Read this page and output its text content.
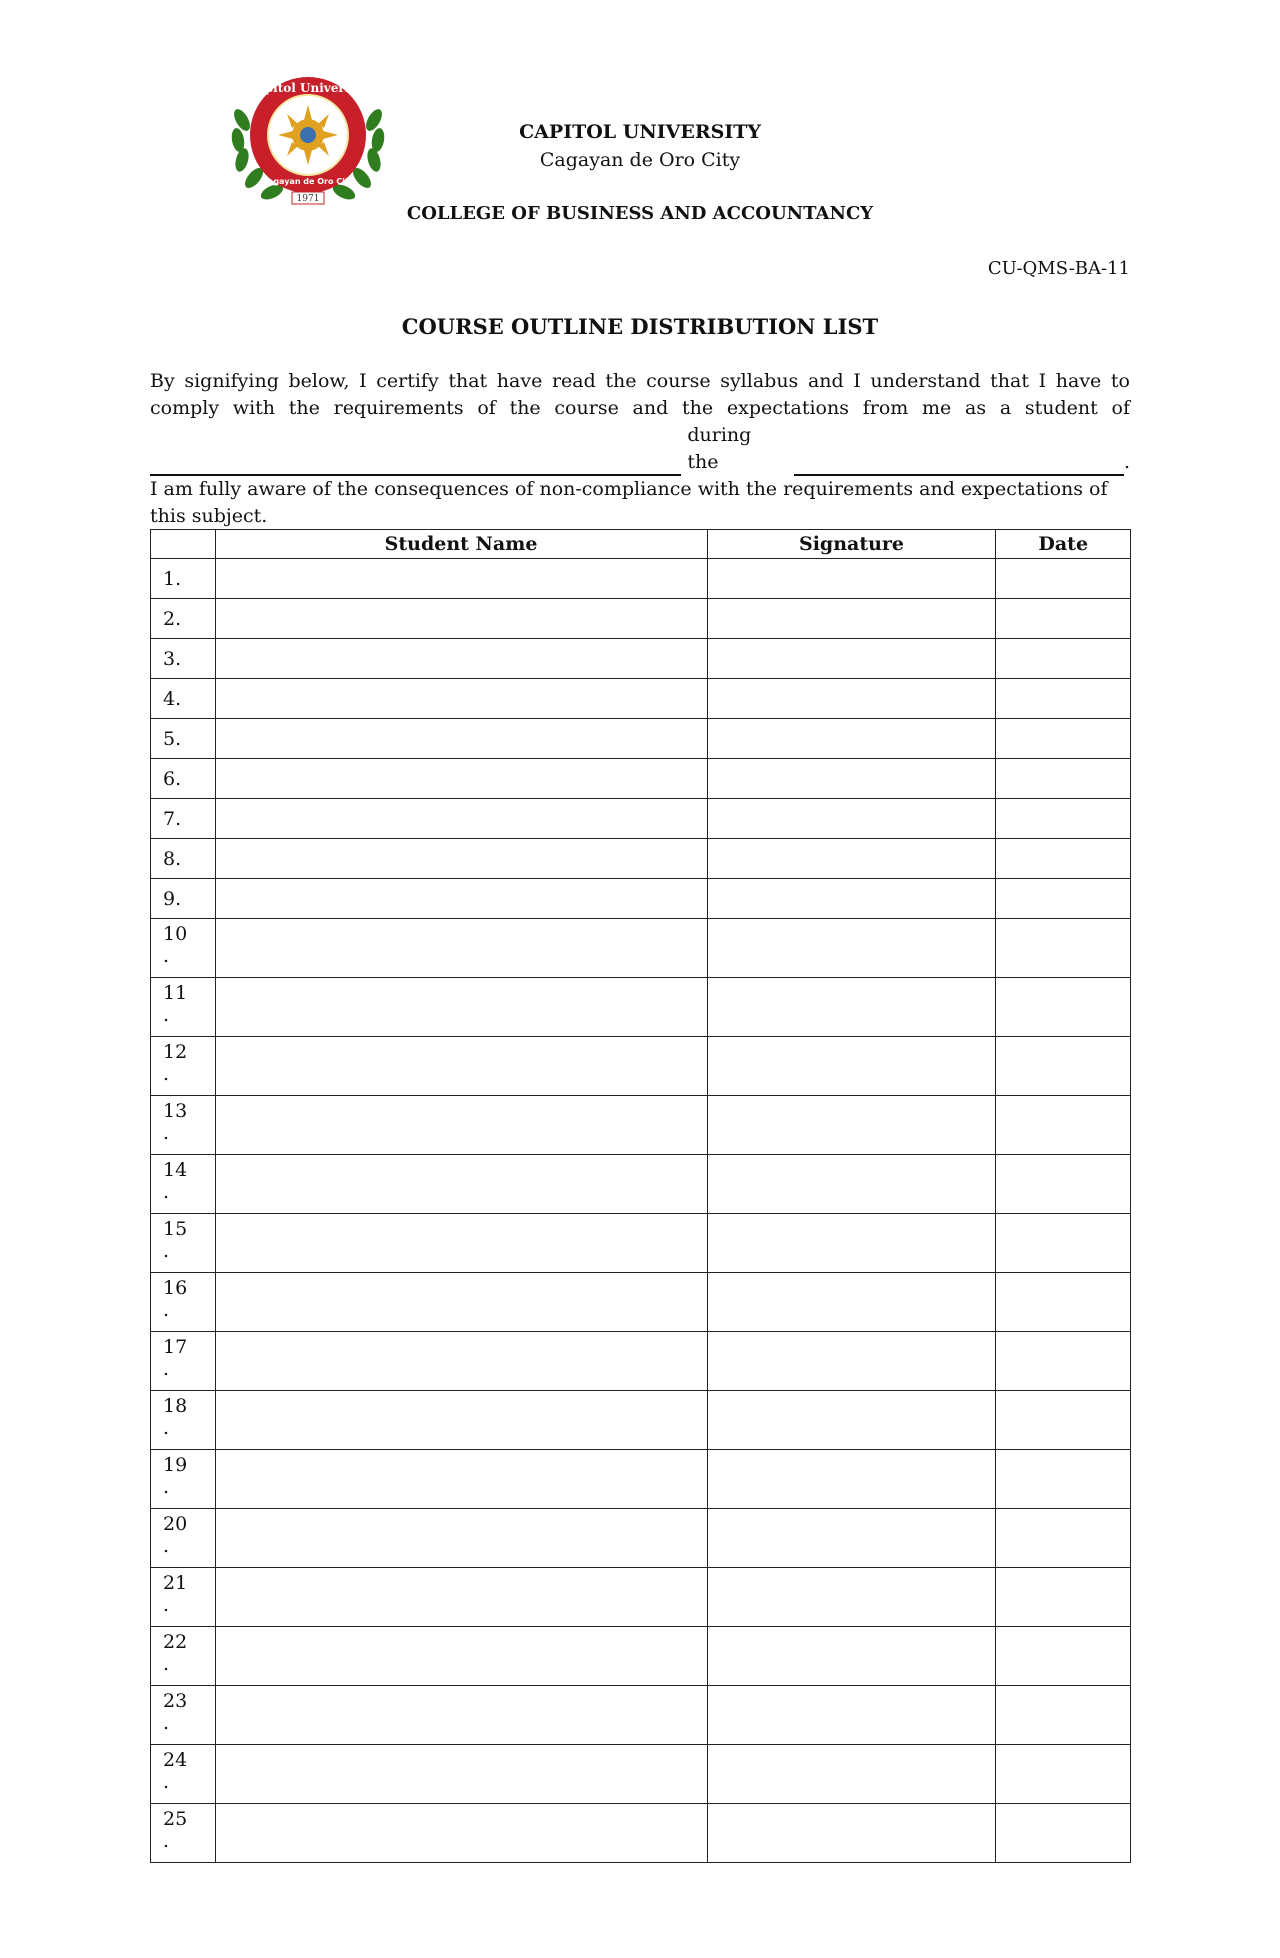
Capitol University
Cagayan de Oro City
1971
CAPITOL UNIVERSITY
Cagayan de Oro City
COLLEGE OF BUSINESS AND ACCOUNTANCY
CU-QMS-BA-11
COURSE OUTLINE DISTRIBUTION LIST
By signifying below, I certify that have read the course syllabus and I understand that I have to
comply with the requirements of the course and the expectations from me as a student of
during the	.
I am fully aware of the consequences of non-compliance with the requirements and expectations of this subject.
	Student Name	Signature	Date
1.			
2.			
3.			
4.			
5.			
6.			
7.			
8.			
9.			
10
.			
11
.			
12
.			
13
.			
14
.			
15
.			
16
.			
17
.			
18
.			
19
.			
20
.			
21
.			
22
.			
23
.			
24
.			
25
.			
